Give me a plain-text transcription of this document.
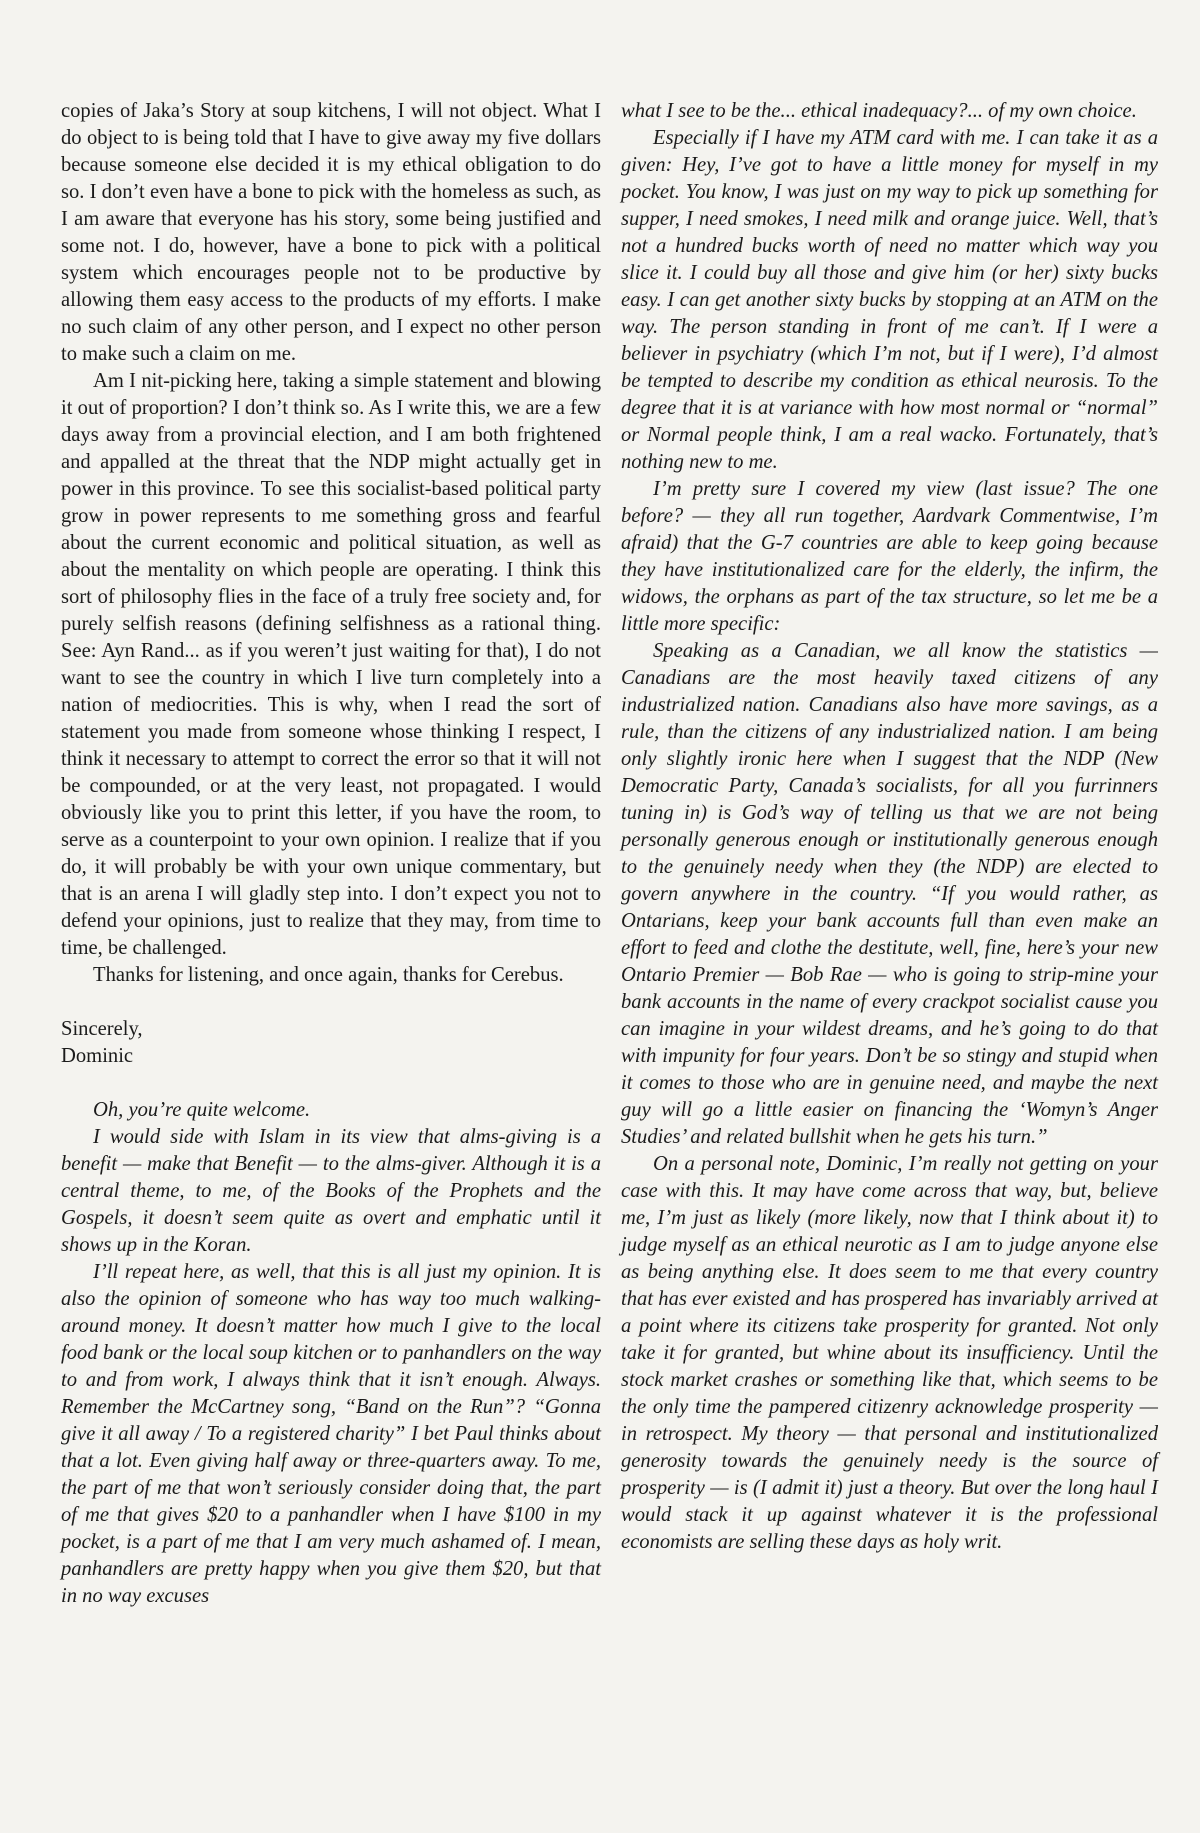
copies of Jaka’s Story at soup kitchens, I will not object. What I do object to is being told that I have to give away my five dollars because someone else decided it is my ethical obligation to do so. I don’t even have a bone to pick with the homeless as such, as I am aware that everyone has his story, some being justified and some not. I do, however, have a bone to pick with a political system which encourages people not to be productive by allowing them easy access to the products of my efforts. I make no such claim of any other person, and I expect no other person to make such a claim on me.

Am I nit-picking here, taking a simple statement and blowing it out of proportion? I don’t think so. As I write this, we are a few days away from a provincial election, and I am both frightened and appalled at the threat that the NDP might actually get in power in this province. To see this socialist-based political party grow in power represents to me something gross and fearful about the current economic and political situation, as well as about the mentality on which people are operating. I think this sort of philosophy flies in the face of a truly free society and, for purely selfish reasons (defining selfishness as a rational thing. See: Ayn Rand... as if you weren’t just waiting for that), I do not want to see the country in which I live turn completely into a nation of mediocrities. This is why, when I read the sort of statement you made from someone whose thinking I respect, I think it necessary to attempt to correct the error so that it will not be compounded, or at the very least, not propagated. I would obviously like you to print this letter, if you have the room, to serve as a counterpoint to your own opinion. I realize that if you do, it will probably be with your own unique commentary, but that is an arena I will gladly step into. I don’t expect you not to defend your opinions, just to realize that they may, from time to time, be challenged.

Thanks for listening, and once again, thanks for Cerebus.

Sincerely,

Dominic

Oh, you’re quite welcome.

I would side with Islam in its view that alms-giving is a benefit — make that Benefit — to the alms-giver. Although it is a central theme, to me, of the Books of the Prophets and the Gospels, it doesn’t seem quite as overt and emphatic until it shows up in the Koran.

I’ll repeat here, as well, that this is all just my opinion. It is also the opinion of someone who has way too much walking-around money. It doesn’t matter how much I give to the local food bank or the local soup kitchen or to panhandlers on the way to and from work, I always think that it isn’t enough. Always. Remember the McCartney song, “Band on the Run”? “Gonna give it all away / To a registered charity” I bet Paul thinks about that a lot. Even giving half away or three-quarters away. To me, the part of me that won’t seriously consider doing that, the part of me that gives $20 to a panhandler when I have $100 in my pocket, is a part of me that I am very much ashamed of. I mean, panhandlers are pretty happy when you give them $20, but that in no way excuses

what I see to be the... ethical inadequacy?... of my own choice.

Especially if I have my ATM card with me. I can take it as a given: Hey, I’ve got to have a little money for myself in my pocket. You know, I was just on my way to pick up something for supper, I need smokes, I need milk and orange juice. Well, that’s not a hundred bucks worth of need no matter which way you slice it. I could buy all those and give him (or her) sixty bucks easy. I can get another sixty bucks by stopping at an ATM on the way. The person standing in front of me can’t. If I were a believer in psychiatry (which I’m not, but if I were), I’d almost be tempted to describe my condition as ethical neurosis. To the degree that it is at variance with how most normal or “normal” or Normal people think, I am a real wacko. Fortunately, that’s nothing new to me.

I’m pretty sure I covered my view (last issue? The one before? — they all run together, Aardvark Commentwise, I’m afraid) that the G-7 countries are able to keep going because they have institutionalized care for the elderly, the infirm, the widows, the orphans as part of the tax structure, so let me be a little more specific:

Speaking as a Canadian, we all know the statistics — Canadians are the most heavily taxed citizens of any industrialized nation. Canadians also have more savings, as a rule, than the citizens of any industrialized nation. I am being only slightly ironic here when I suggest that the NDP (New Democratic Party, Canada’s socialists, for all you furrinners tuning in) is God’s way of telling us that we are not being personally generous enough or institutionally generous enough to the genuinely needy when they (the NDP) are elected to govern anywhere in the country. “If you would rather, as Ontarians, keep your bank accounts full than even make an effort to feed and clothe the destitute, well, fine, here’s your new Ontario Premier — Bob Rae — who is going to strip-mine your bank accounts in the name of every crackpot socialist cause you can imagine in your wildest dreams, and he’s going to do that with impunity for four years. Don’t be so stingy and stupid when it comes to those who are in genuine need, and maybe the next guy will go a little easier on financing the ‘Womyn’s Anger Studies’ and related bullshit when he gets his turn.”

On a personal note, Dominic, I’m really not getting on your case with this. It may have come across that way, but, believe me, I’m just as likely (more likely, now that I think about it) to judge myself as an ethical neurotic as I am to judge anyone else as being anything else. It does seem to me that every country that has ever existed and has prospered has invariably arrived at a point where its citizens take prosperity for granted. Not only take it for granted, but whine about its insufficiency. Until the stock market crashes or something like that, which seems to be the only time the pampered citizenry acknowledge prosperity — in retrospect. My theory — that personal and institutionalized generosity towards the genuinely needy is the source of prosperity — is (I admit it) just a theory. But over the long haul I would stack it up against whatever it is the professional economists are selling these days as holy writ.
